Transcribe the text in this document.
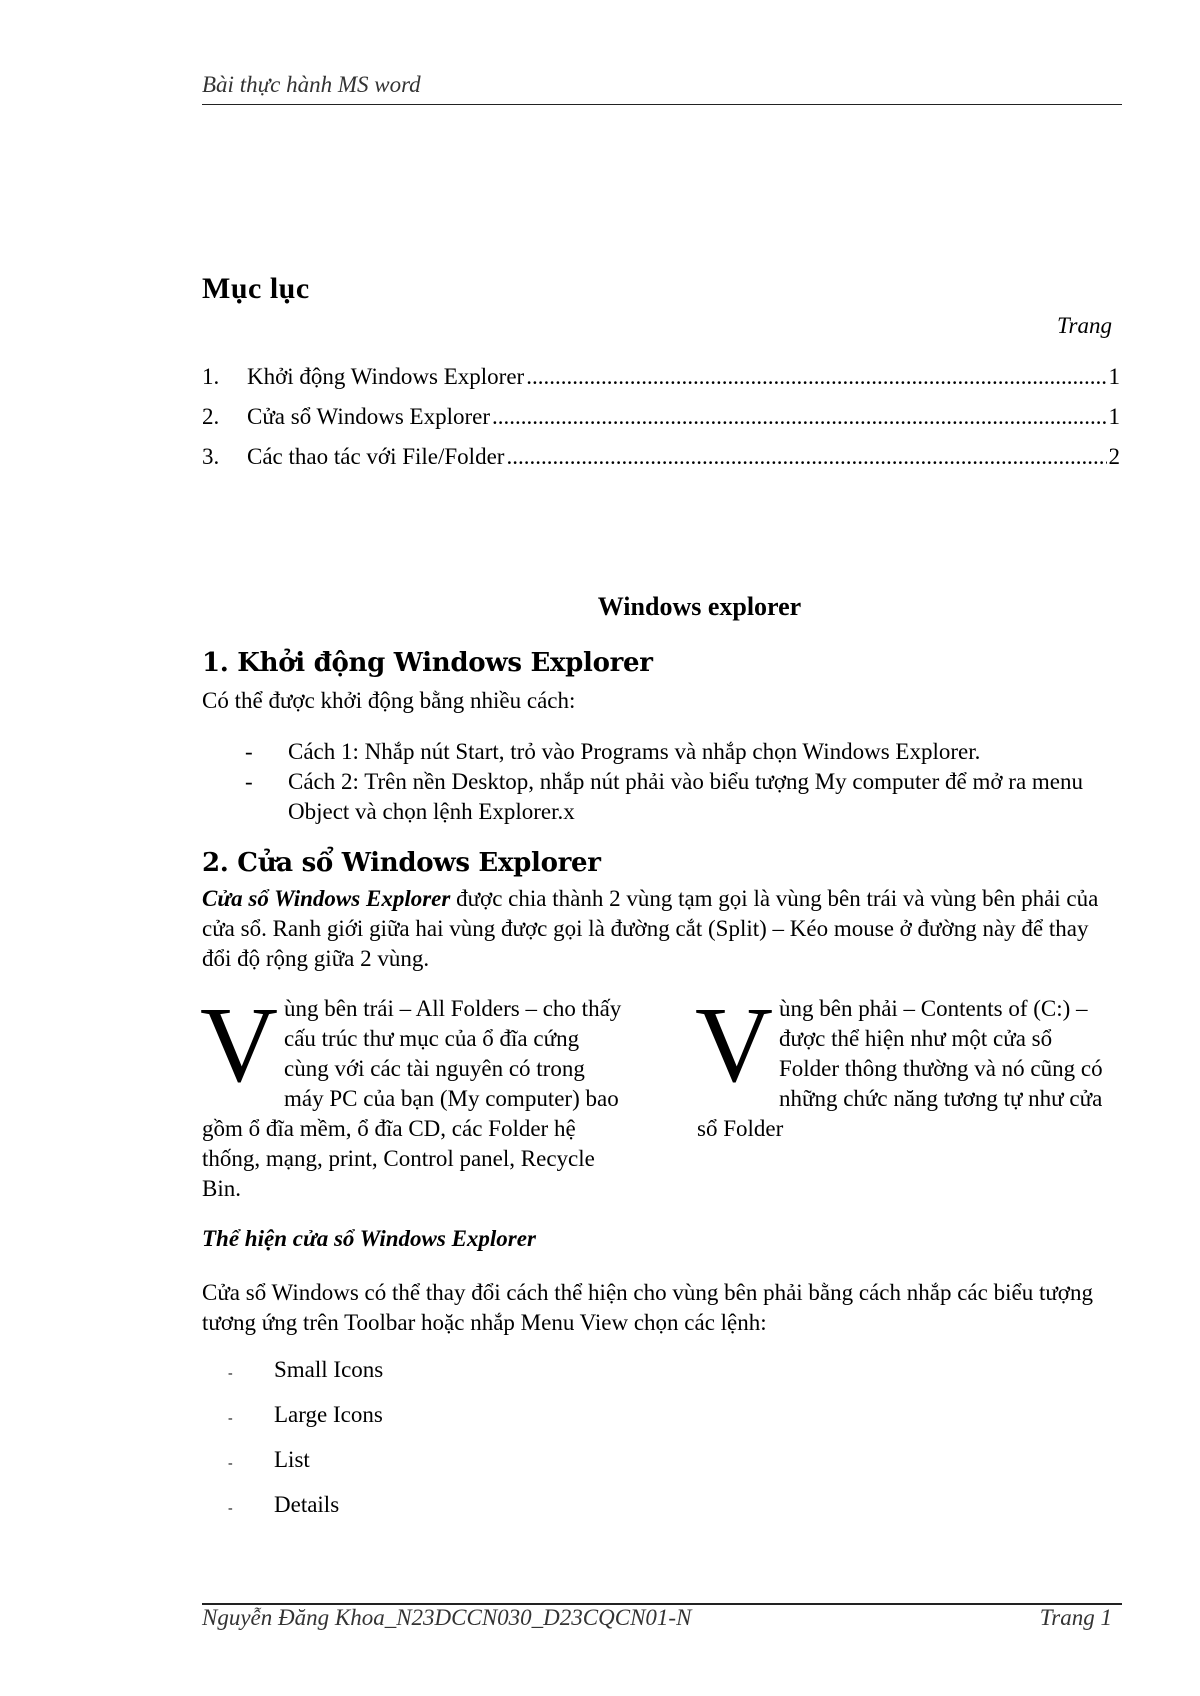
Bài thực hành MS word
Mục lục
Trang
1.	Khởi động Windows Explorer .....	1
2.	Cửa sổ Windows Explorer .....	1
3.	Các thao tác với File/Folder .....	2
Windows explorer
1. Khởi động Windows Explorer
Có thể được khởi động bằng nhiều cách:
-	Cách 1: Nhắp nút Start, trỏ vào Programs và nhắp chọn Windows Explorer.
-	Cách 2: Trên nền Desktop, nhắp nút phải vào biểu tượng My computer để mở ra menu Object và chọn lệnh Explorer.x
2. Cửa sổ Windows Explorer
Cửa sổ Windows Explorer được chia thành 2 vùng tạm gọi là vùng bên trái và vùng bên phải của cửa sổ. Ranh giới giữa hai vùng được gọi là đường cắt (Split) – Kéo mouse ở đường này để thay đổi độ rộng giữa 2 vùng.
Vùng bên trái – All Folders – cho thấy cấu trúc thư mục của ổ đĩa cứng cùng với các tài nguyên có trong máy PC của bạn (My computer) bao gồm ổ đĩa mềm, ổ đĩa CD, các Folder hệ thống, mạng, print, Control panel, Recycle Bin.
Vùng bên phải – Contents of (C:) – được thể hiện như một cửa sổ Folder thông thường và nó cũng có những chức năng tương tự như cửa sổ Folder
Thể hiện cửa sổ Windows Explorer
Cửa sổ Windows có thể thay đổi cách thể hiện cho vùng bên phải bằng cách nhắp các biểu tượng tương ứng trên Toolbar hoặc nhắp Menu View chọn các lệnh:
-	Small Icons
-	Large Icons
-	List
-	Details
Nguyễn Đăng Khoa_N23DCCN030_D23CQCN01-N	Trang 1
